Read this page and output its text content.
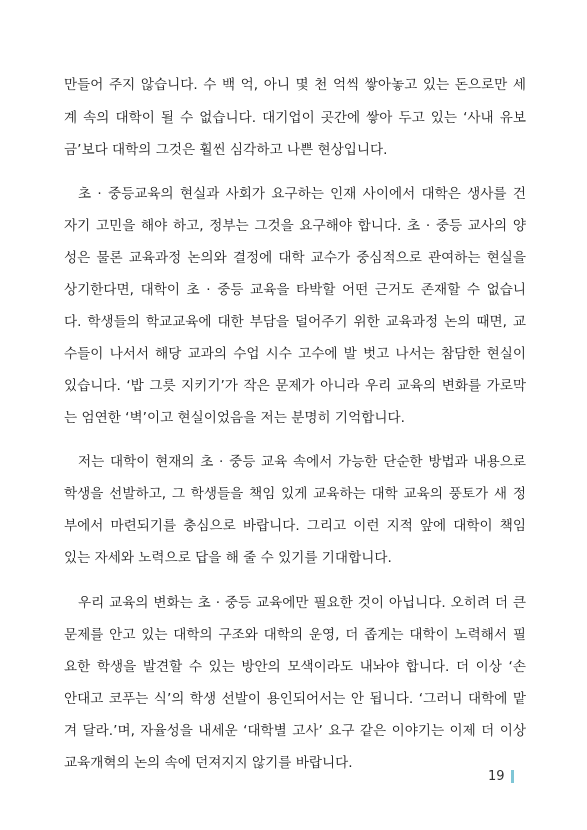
만들어 주지 않습니다. 수 백 억, 아니 몇 천 억씩 쌓아놓고 있는 돈으로만 세
계 속의 대학이 될 수 없습니다. 대기업이 곳간에 쌓아 두고 있는 ‘사내 유보
금’보다 대학의 그것은 훨씬 심각하고 나쁜 현상입니다.
초 · 중등교육의 현실과 사회가 요구하는 인재 사이에서 대학은 생사를 건
자기 고민을 해야 하고, 정부는 그것을 요구해야 합니다. 초 · 중등 교사의 양
성은 물론 교육과정 논의와 결정에 대학 교수가 중심적으로 관여하는 현실을
상기한다면, 대학이 초 · 중등 교육을 타박할 어떤 근거도 존재할 수 없습니
다. 학생들의 학교교육에 대한 부담을 덜어주기 위한 교육과정 논의 때면, 교
수들이 나서서 해당 교과의 수업 시수 고수에 발 벗고 나서는 참담한 현실이
있습니다. ‘밥 그릇 지키기’가 작은 문제가 아니라 우리 교육의 변화를 가로막
는 엄연한 ‘벽’이고 현실이었음을 저는 분명히 기억합니다.
저는 대학이 현재의 초 · 중등 교육 속에서 가능한 단순한 방법과 내용으로
학생을 선발하고, 그 학생들을 책임 있게 교육하는 대학 교육의 풍토가 새 정
부에서 마련되기를 충심으로 바랍니다. 그리고 이런 지적 앞에 대학이 책임
있는 자세와 노력으로 답을 해 줄 수 있기를 기대합니다.
우리 교육의 변화는 초 · 중등 교육에만 필요한 것이 아닙니다. 오히려 더 큰
문제를 안고 있는 대학의 구조와 대학의 운영, 더 좁게는 대학이 노력해서 필
요한 학생을 발견할 수 있는 방안의 모색이라도 내놔야 합니다. 더 이상 ‘손
안대고 코푸는 식’의 학생 선발이 용인되어서는 안 됩니다. ‘그러니 대학에 맡
겨 달라.’며, 자율성을 내세운 ‘대학별 고사’ 요구 같은 이야기는 이제 더 이상
교육개혁의 논의 속에 던져지지 않기를 바랍니다.
19
